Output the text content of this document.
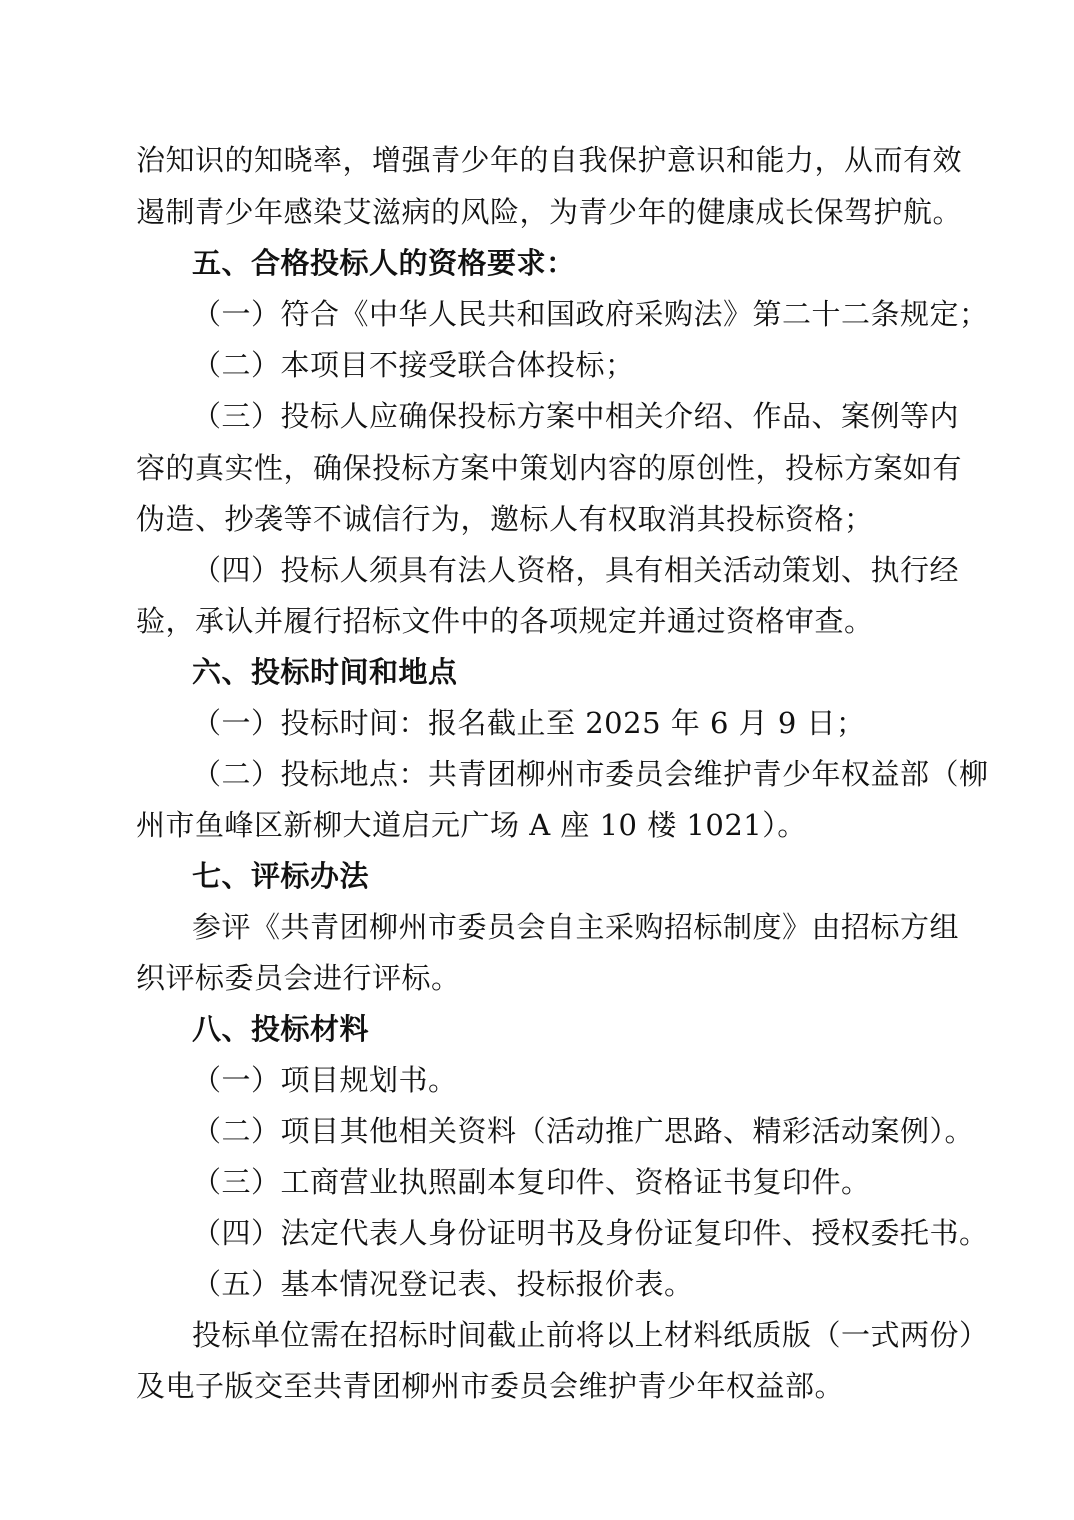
治知识的知晓率，增强青少年的自我保护意识和能力，从而有效
遏制青少年感染艾滋病的风险，为青少年的健康成长保驾护航。
五、合格投标人的资格要求：
（一）符合《中华人民共和国政府采购法》第二十二条规定；
（二）本项目不接受联合体投标；
（三）投标人应确保投标方案中相关介绍、作品、案例等内
容的真实性，确保投标方案中策划内容的原创性，投标方案如有
伪造、抄袭等不诚信行为，邀标人有权取消其投标资格；
（四）投标人须具有法人资格，具有相关活动策划、执行经
验，承认并履行招标文件中的各项规定并通过资格审查。
六、投标时间和地点
（一）投标时间：报名截止至 2025 年 6 月 9 日；
（二）投标地点：共青团柳州市委员会维护青少年权益部（柳
州市鱼峰区新柳大道启元广场 A 座 10 楼 1021）。
七、评标办法
参评《共青团柳州市委员会自主采购招标制度》由招标方组
织评标委员会进行评标。
八、投标材料
（一）项目规划书。
（二）项目其他相关资料（活动推广思路、精彩活动案例）。
（三）工商营业执照副本复印件、资格证书复印件。
（四）法定代表人身份证明书及身份证复印件、授权委托书。
（五）基本情况登记表、投标报价表。
投标单位需在招标时间截止前将以上材料纸质版（一式两份）
及电子版交至共青团柳州市委员会维护青少年权益部。
